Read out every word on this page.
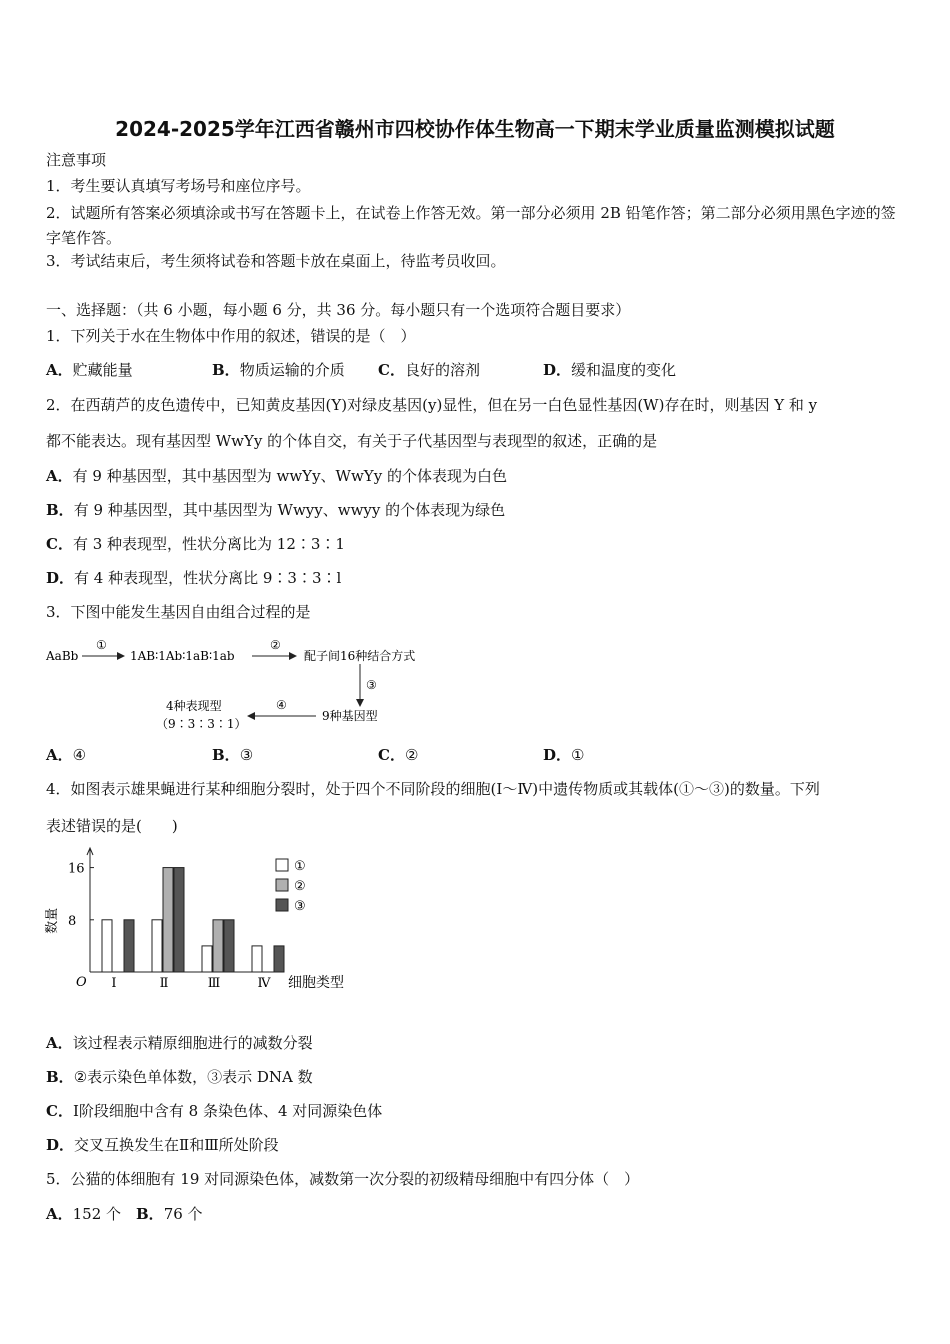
2024-2025学年江西省赣州市四校协作体生物高一下期末学业质量监测模拟试题
注意事项
1．考生要认真填写考场号和座位序号。
2．试题所有答案必须填涂或书写在答题卡上，在试卷上作答无效。第一部分必须用 2B 铅笔作答；第二部分必须用黑色字迹的签字笔作答。
3．考试结束后，考生须将试卷和答题卡放在桌面上，待监考员收回。
一、选择题：（共 6 小题，每小题 6 分，共 36 分。每小题只有一个选项符合题目要求）
1．下列关于水在生物体中作用的叙述，错误的是（　）
A．贮藏能量	B．物质运输的介质 C．良好的溶剂	D．缓和温度的变化
2．在西葫芦的皮色遗传中，已知黄皮基因(Y)对绿皮基因(y)显性，但在另一白色显性基因(W)存在时，则基因 Y 和 y
都不能表达。现有基因型 WwYy 的个体自交，有关于子代基因型与表现型的叙述，正确的是
A．有 9 种基因型，其中基因型为 wwYy、WwYy 的个体表现为白色
B．有 9 种基因型，其中基因型为 Wwyy、wwyy 的个体表现为绿色
C．有 3 种表现型，性状分离比为 12∶3∶1
D．有 4 种表现型，性状分离比 9∶3∶3∶l
3．下图中能发生基因自由组合过程的是
AaBb
①
1AB∶1Ab∶1aB∶1ab
②
配子间16种结合方式
③
9种基因型
④
4种表现型
（9∶3∶3∶1）
A．④	B．③	C．②	D．①
4．如图表示雄果蝇进行某种细胞分裂时，处于四个不同阶段的细胞(Ⅰ～Ⅳ)中遗传物质或其载体(①～③)的数量。下列
表述错误的是(　　)
O
8
16
数量
Ⅰ	Ⅱ	Ⅲ	Ⅳ 细胞类型
①
②
③
A．该过程表示精原细胞进行的减数分裂
B．②表示染色单体数，③表示 DNA 数
C．Ⅰ阶段细胞中含有 8 条染色体、4 对同源染色体
D．交叉互换发生在Ⅱ和Ⅲ所处阶段
5．公猫的体细胞有 19 对同源染色体，减数第一次分裂的初级精母细胞中有四分体（　）
A．152 个 B．76 个
